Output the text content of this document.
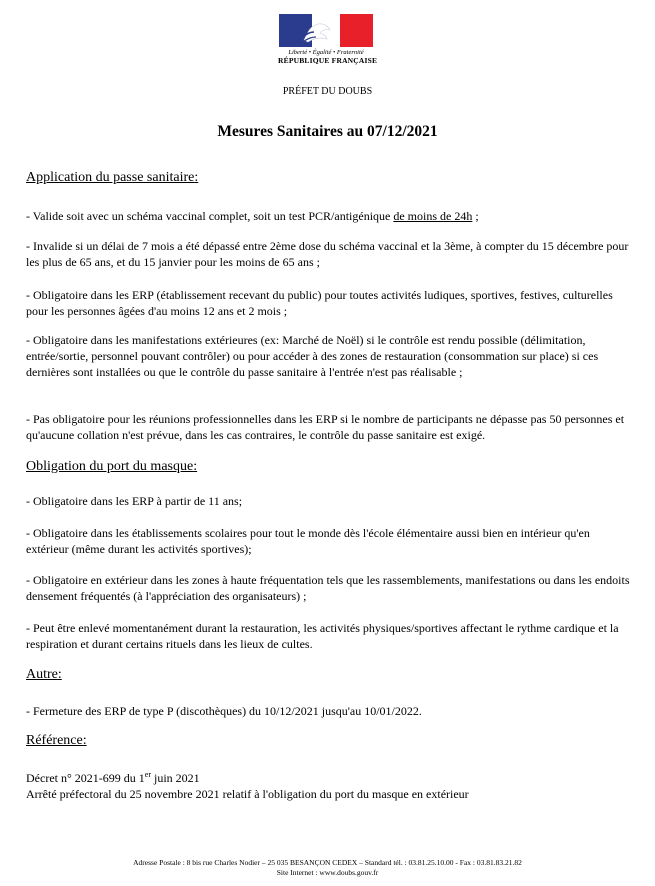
Liberté • Égalité • Fraternité
RÉPUBLIQUE FRANÇAISE
PRÉFET DU DOUBS
Mesures Sanitaires au 07/12/2021
Application du passe sanitaire:
- Valide soit avec un schéma vaccinal complet, soit un test PCR/antigénique de moins de 24h ;
- Invalide si un délai de 7 mois a été dépassé entre 2ème dose du schéma vaccinal et la 3ème, à compter du 15 décembre pour les plus de 65 ans, et du 15 janvier pour les moins de 65 ans ;
- Obligatoire dans les ERP (établissement recevant du public) pour toutes activités ludiques, sportives, festives, culturelles pour les personnes âgées d'au moins 12 ans et 2 mois ;
- Obligatoire dans les manifestations extérieures (ex: Marché de Noël) si le contrôle est rendu possible (délimitation, entrée/sortie, personnel pouvant contrôler) ou pour accéder à des zones de restauration (consommation sur place) si ces dernières sont installées ou que le contrôle du passe sanitaire à l'entrée n'est pas réalisable ;
- Pas obligatoire pour les réunions professionnelles dans les ERP si le nombre de participants ne dépasse pas 50 personnes et qu'aucune collation n'est prévue, dans les cas contraires, le contrôle du passe sanitaire est exigé.
Obligation du port du masque:
- Obligatoire dans les ERP à partir de 11 ans;
- Obligatoire dans les établissements scolaires pour tout le monde dès l'école élémentaire aussi bien en intérieur qu'en extérieur (même durant les activités sportives);
- Obligatoire en extérieur dans les zones à haute fréquentation tels que les rassemblements, manifestations ou dans les endoits densement fréquentés (à l'appréciation des organisateurs) ;
- Peut être enlevé momentanément durant la restauration, les activités physiques/sportives affectant le rythme cardique et la respiration et durant certains rituels dans les lieux de cultes.
Autre:
- Fermeture des ERP de type P (discothèques) du 10/12/2021 jusqu'au 10/01/2022.
Référence:
Décret n° 2021-699 du 1er juin 2021
Arrêté préfectoral du 25 novembre 2021 relatif à l'obligation du port du masque en extérieur
Adresse Postale : 8 bis rue Charles Nodier – 25 035 BESANÇON CEDEX – Standard tél. : 03.81.25.10.00 - Fax : 03.81.83.21.82
Site Internet : www.doubs.gouv.fr
